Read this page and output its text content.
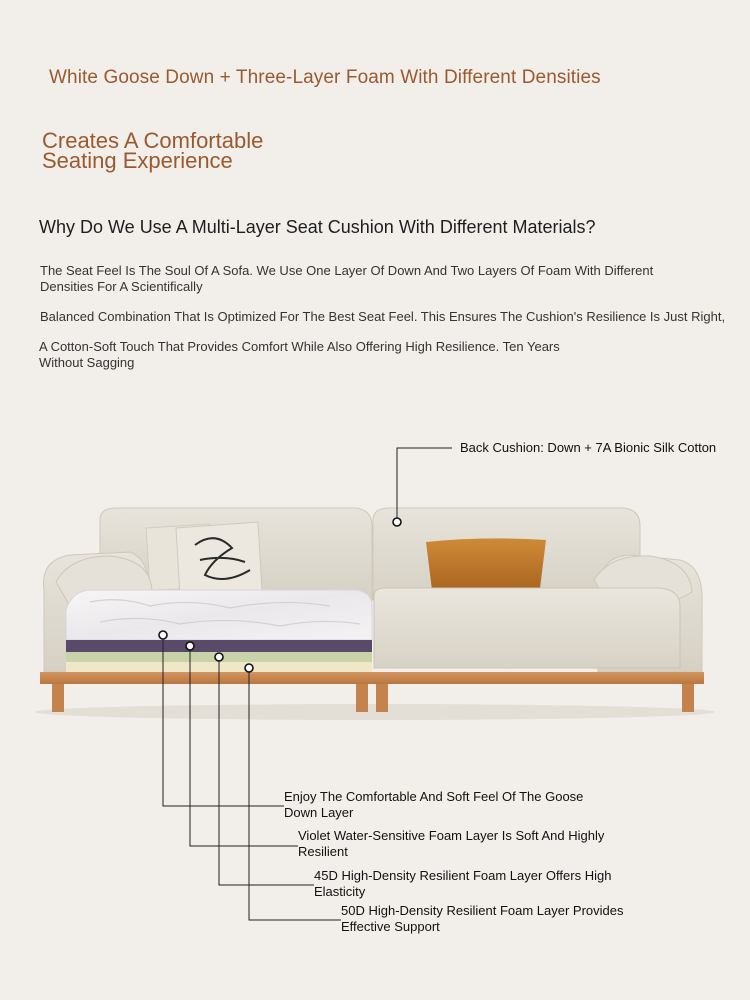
White Goose Down + Three-Layer Foam With Different Densities
Creates A Comfortable Seating Experience
Why Do We Use A Multi-Layer Seat Cushion With Different Materials?
The Seat Feel Is The Soul Of A Sofa. We Use One Layer Of Down And Two Layers Of Foam With Different Densities For A Scientifically
Balanced Combination That Is Optimized For The Best Seat Feel. This Ensures The Cushion's Resilience Is Just Right,
A Cotton-Soft Touch That Provides Comfort While Also Offering High Resilience. Ten Years Without Sagging
Back Cushion: Down + 7A Bionic Silk Cotton
Enjoy The Comfortable And Soft Feel Of The Goose Down Layer
Violet Water-Sensitive Foam Layer Is Soft And Highly Resilient
45D High-Density Resilient Foam Layer Offers High Elasticity
50D High-Density Resilient Foam Layer Provides Effective Support
